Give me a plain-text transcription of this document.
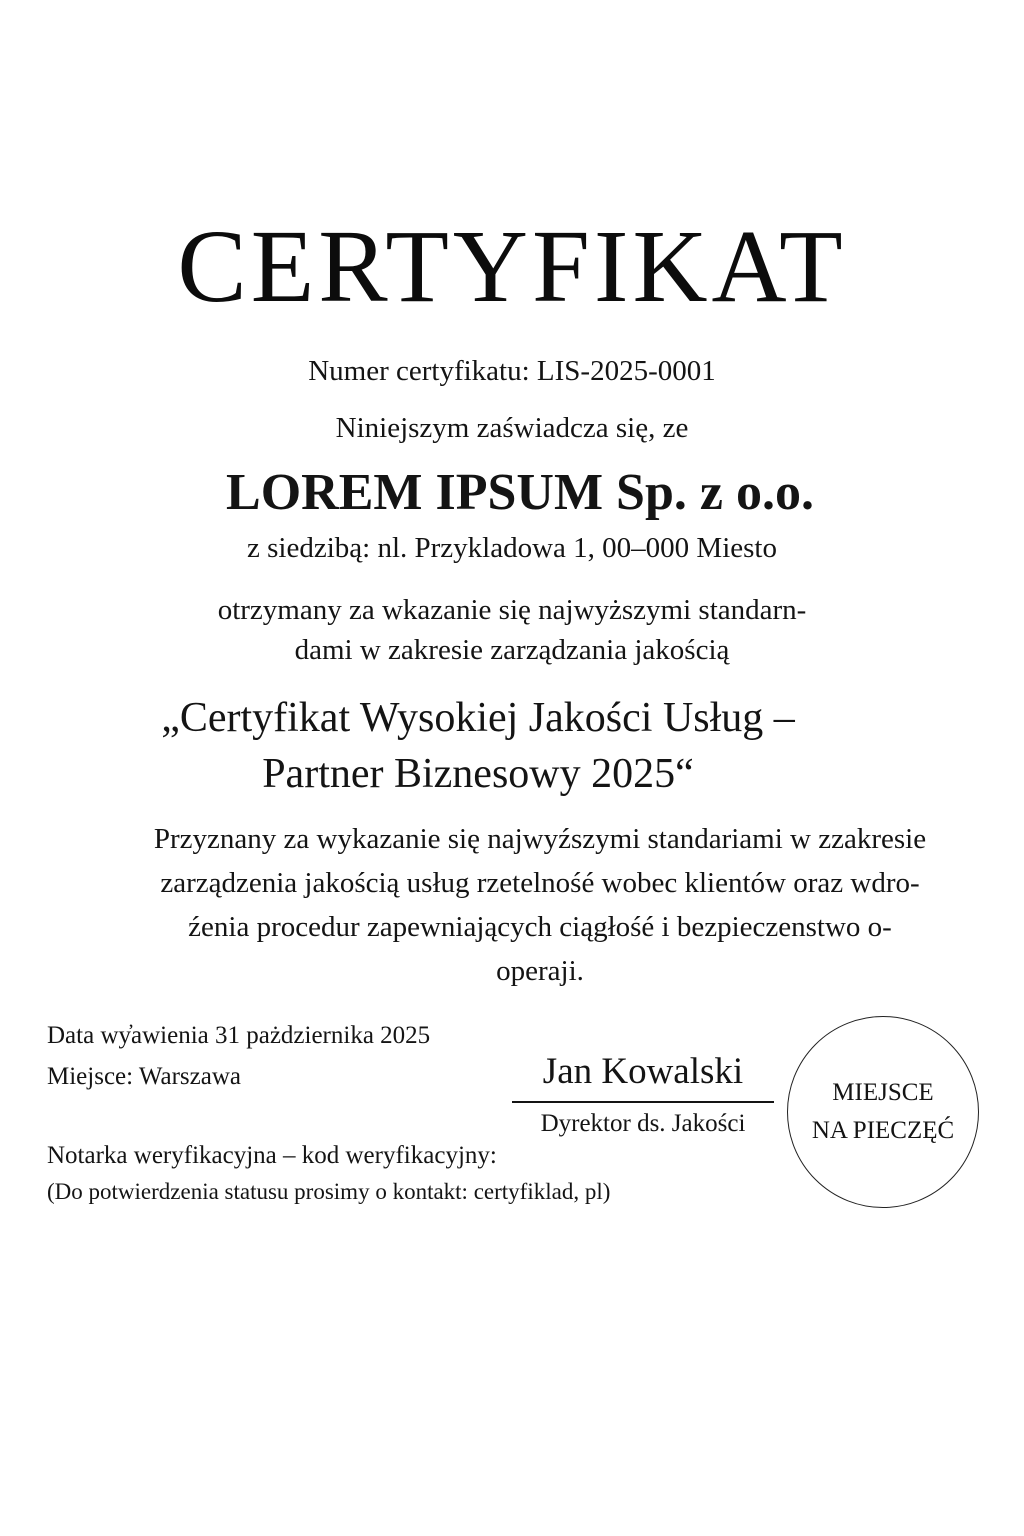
CERTYFIKAT
Numer certyfikatu: LIS-2025-0001
Niniejszym zaświadcza się, ze
LOREM IPSUM Sp. z o.o.
z siedzibą: nl. Przykladowa 1, 00–000 Miesto
otrzymany za wkazanie się najwyższymi standarn-
dami w zakresie zarządzania jakością
„Certyfikat Wysokiej Jakości Usług –
Partner Biznesowy 2025“
Przyznany za wykazanie się najwyźszymi standariami w zzakresie
zarządzenia jakością usług rzetelnośé wobec klientów oraz wdro-
źenia procedur zapewniających ciągłośé i bezpieczenstwo o-
operaji.
Data wy̓awienia 31 pażdziernika 2025
Miejsce: Warszawa
Notarka weryfikacyjna – kod weryfikacyjny:
(Do potwierdzenia statusu prosimy o kontakt: certyfiklad, pl)
Jan Kowalski
Dyrektor ds. Jakości
MIEJSCE
NA PIECZĘĆ
